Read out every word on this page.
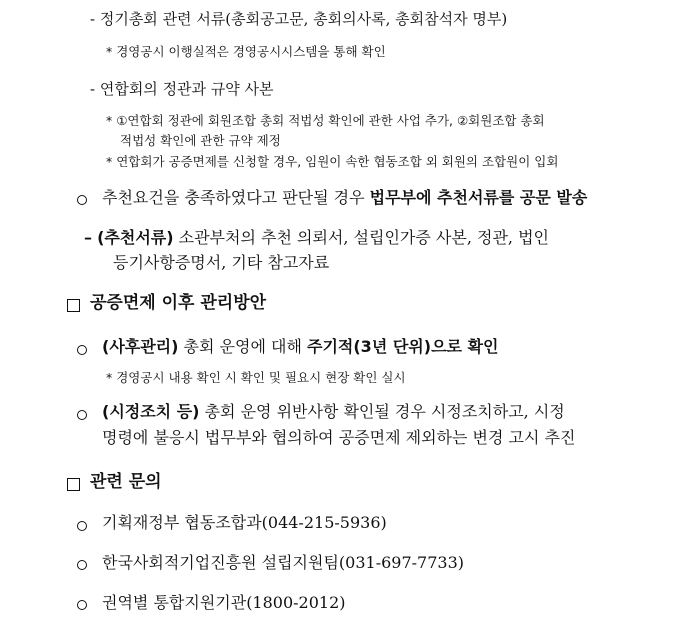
- 정기총회 관련 서류(총회공고문, 총회의사록, 총회참석자 명부)
* 경영공시 이행실적은 경영공시시스템을 통해 확인
- 연합회의 정관과 규약 사본
* ①연합회 정관에 회원조합 총회 적법성 확인에 관한 사업 추가, ②회원조합 총회
적법성 확인에 관한 규약 제정
* 연합회가 공증면제를 신청할 경우, 임원이 속한 협동조합 외 회원의 조합원이 입회
추천요건을 충족하였다고 판단될 경우 법무부에 추천서류를 공문 발송
– (추천서류) 소관부처의 추천 의뢰서, 설립인가증 사본, 정관, 법인
등기사항증명서, 기타 참고자료
공증면제 이후 관리방안
(사후관리) 총회 운영에 대해 주기적(3년 단위)으로 확인
* 경영공시 내용 확인 시 확인 및 필요시 현장 확인 실시
(시정조치 등) 총회 운영 위반사항 확인될 경우 시정조치하고, 시정
명령에 불응시 법무부와 협의하여 공증면제 제외하는 변경 고시 추진
관련 문의
기획재정부 협동조합과(044-215-5936)
한국사회적기업진흥원 설립지원팀(031-697-7733)
권역별 통합지원기관(1800-2012)
